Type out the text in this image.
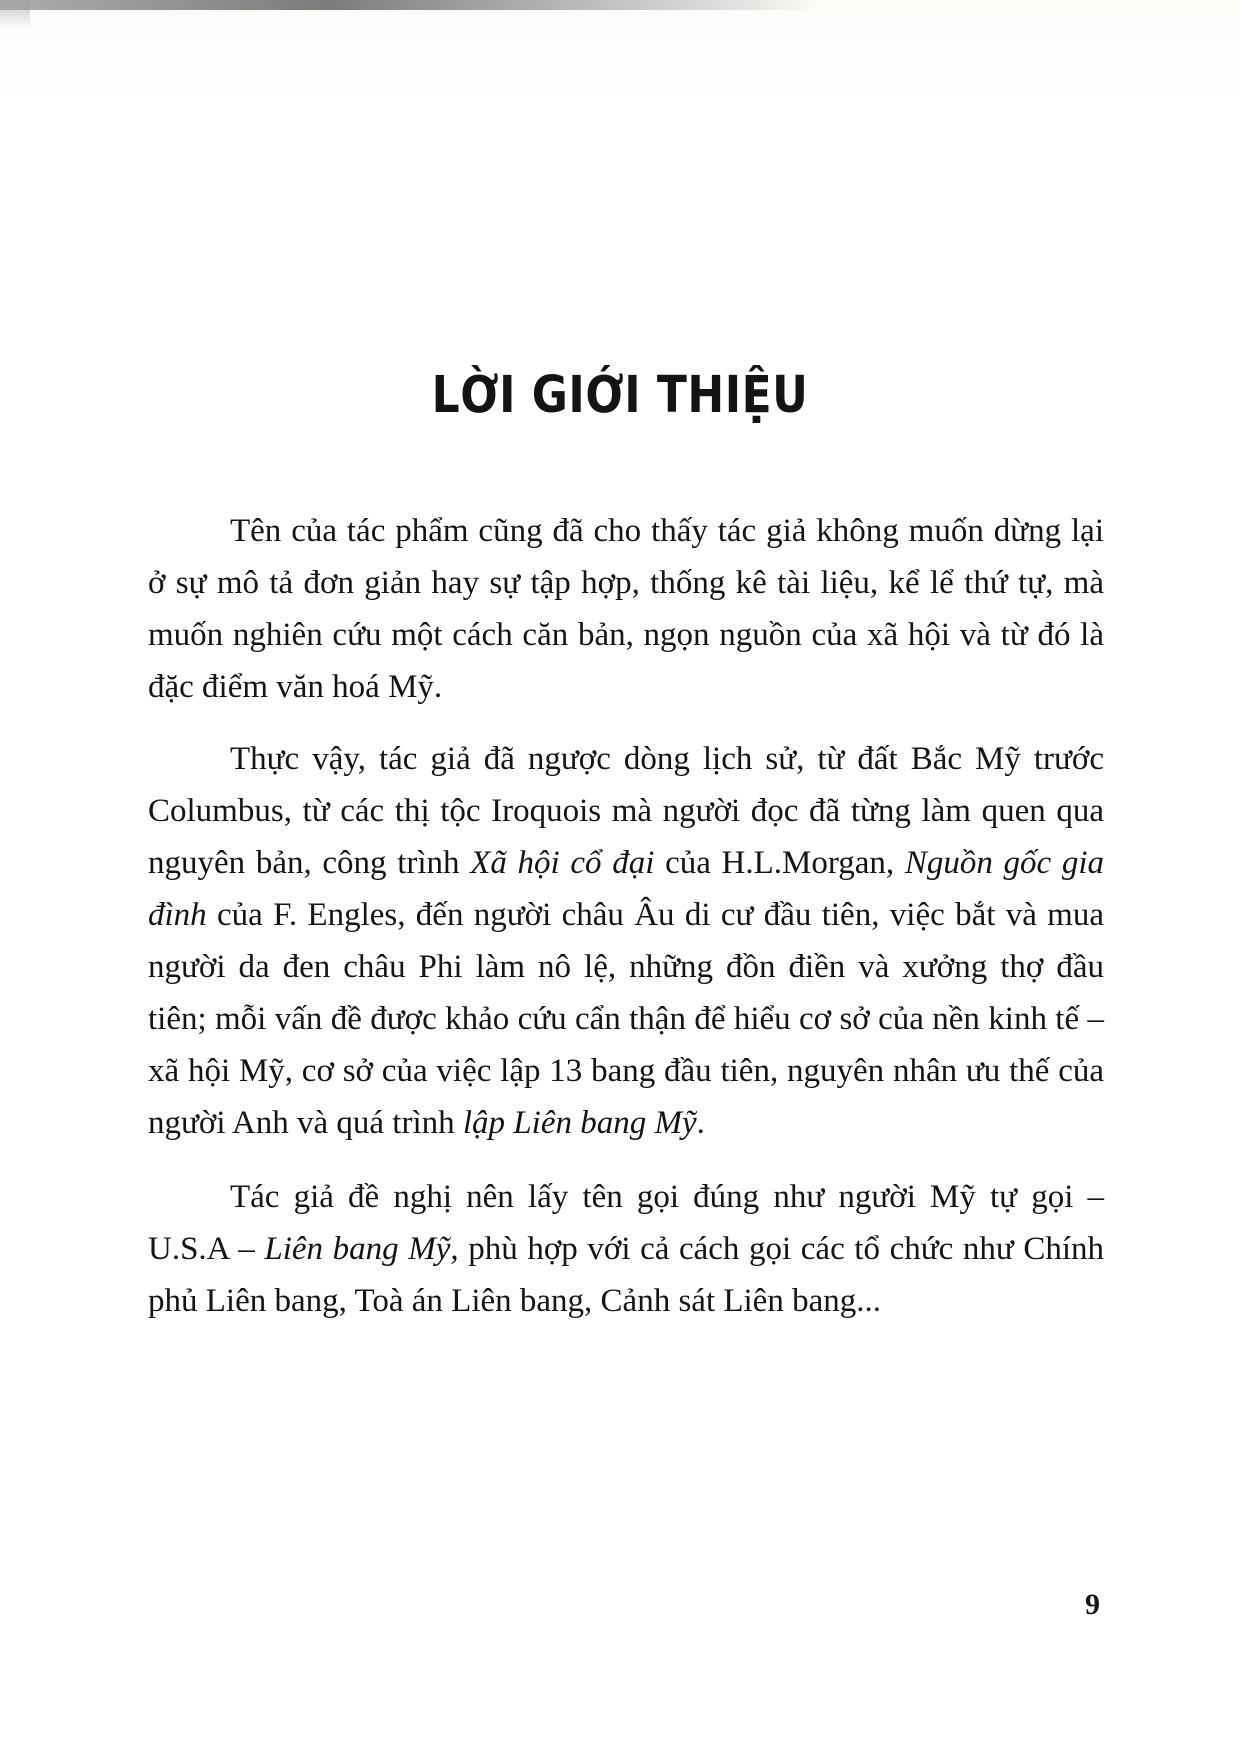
LỜI GIỚI THIỆU

Tên của tác phẩm cũng đã cho thấy tác giả không muốn dừng lại ở sự mô tả đơn giản hay sự tập hợp, thống kê tài liệu, kể lể thứ tự, mà muốn nghiên cứu một cách căn bản, ngọn nguồn của xã hội và từ đó là đặc điểm văn hoá Mỹ.

Thực vậy, tác giả đã ngược dòng lịch sử, từ đất Bắc Mỹ trước Columbus, từ các thị tộc Iroquois mà người đọc đã từng làm quen qua nguyên bản, công trình Xã hội cổ đại của H.L.Morgan, Nguồn gốc gia đình của F. Engles, đến người châu Âu di cư đầu tiên, việc bắt và mua người da đen châu Phi làm nô lệ, những đồn điền và xưởng thợ đầu tiên; mỗi vấn đề được khảo cứu cẩn thận để hiểu cơ sở của nền kinh tế – xã hội Mỹ, cơ sở của việc lập 13 bang đầu tiên, nguyên nhân ưu thế của người Anh và quá trình lập Liên bang Mỹ.

Tác giả đề nghị nên lấy tên gọi đúng như người Mỹ tự gọi – U.S.A – Liên bang Mỹ, phù hợp với cả cách gọi các tổ chức như Chính phủ Liên bang, Toà án Liên bang, Cảnh sát Liên bang...

9
